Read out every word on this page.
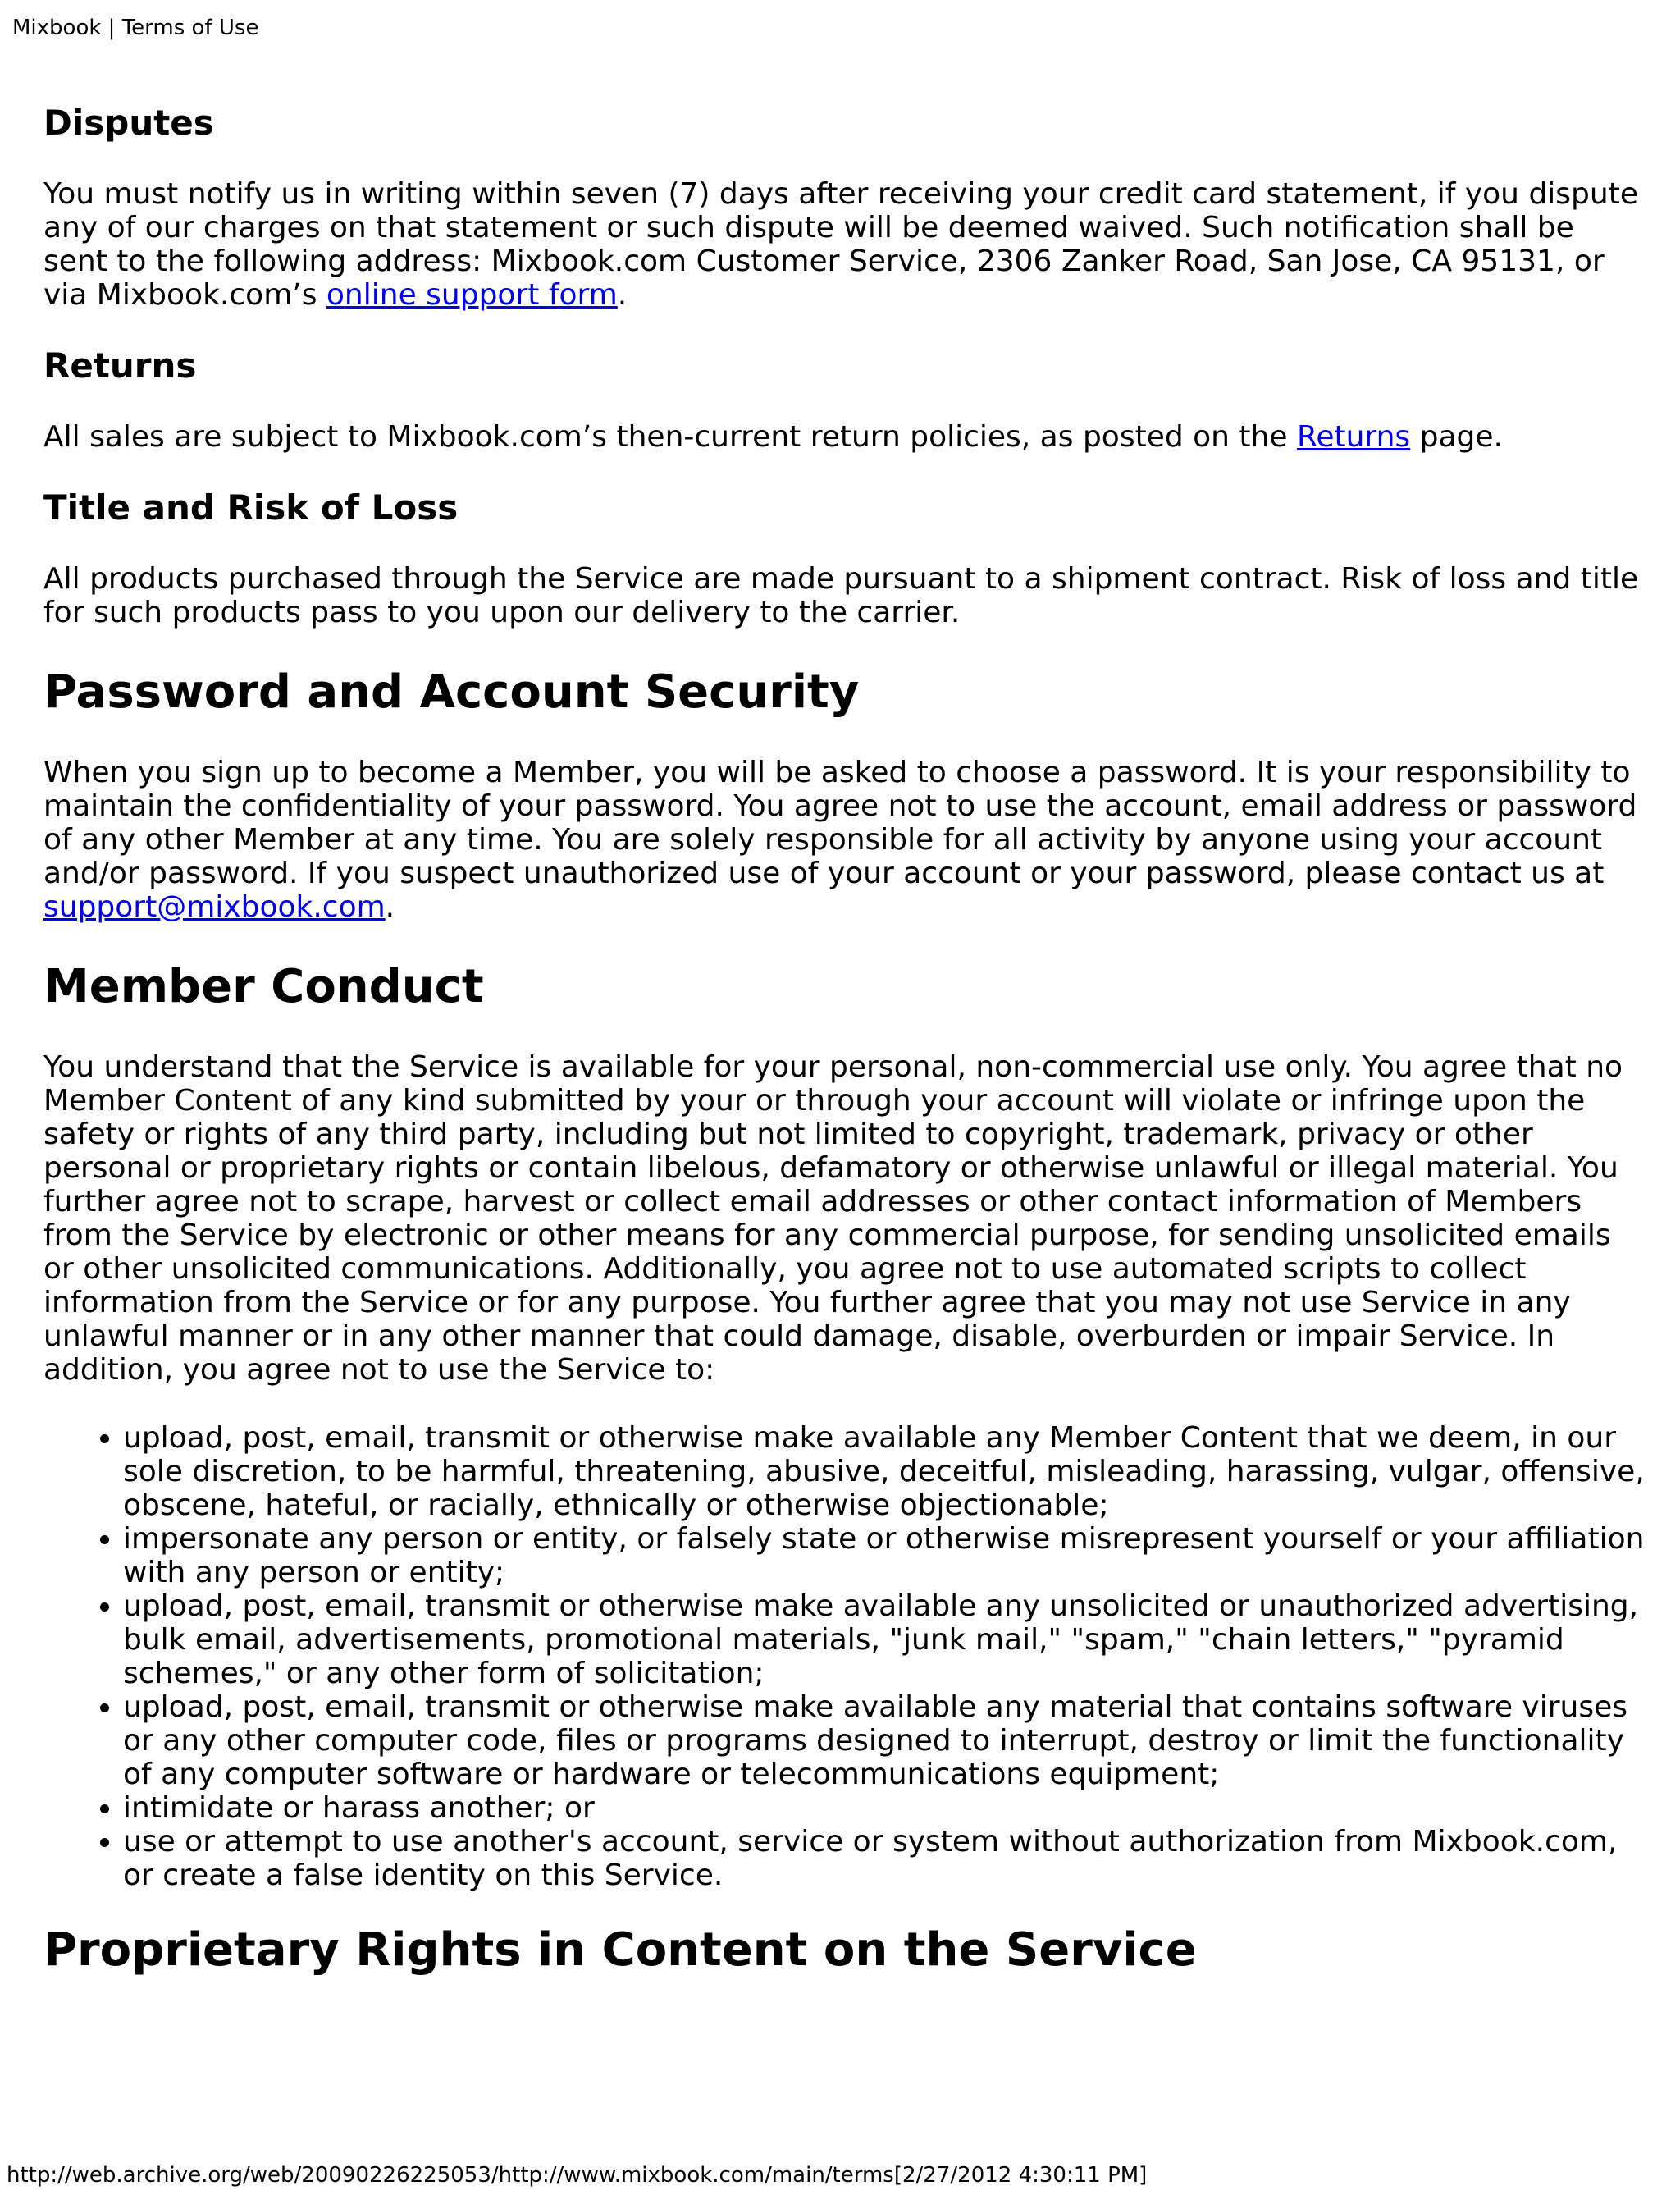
Mixbook | Terms of Use
Disputes

You must notify us in writing within seven (7) days after receiving your credit card statement, if you dispute any of our charges on that statement or such dispute will be deemed waived. Such notification shall be sent to the following address: Mixbook.com Customer Service, 2306 Zanker Road, San Jose, CA 95131, or via Mixbook.com’s online support form.

Returns

All sales are subject to Mixbook.com’s then-current return policies, as posted on the Returns page.

Title and Risk of Loss

All products purchased through the Service are made pursuant to a shipment contract. Risk of loss and title for such products pass to you upon our delivery to the carrier.

Password and Account Security

When you sign up to become a Member, you will be asked to choose a password. It is your responsibility to maintain the confidentiality of your password. You agree not to use the account, email address or password of any other Member at any time. You are solely responsible for all activity by anyone using your account and/or password. If you suspect unauthorized use of your account or your password, please contact us at support@mixbook.com.

Member Conduct

You understand that the Service is available for your personal, non-commercial use only. You agree that no Member Content of any kind submitted by your or through your account will violate or infringe upon the safety or rights of any third party, including but not limited to copyright, trademark, privacy or other personal or proprietary rights or contain libelous, defamatory or otherwise unlawful or illegal material. You further agree not to scrape, harvest or collect email addresses or other contact information of Members from the Service by electronic or other means for any commercial purpose, for sending unsolicited emails or other unsolicited communications. Additionally, you agree not to use automated scripts to collect information from the Service or for any purpose. You further agree that you may not use Service in any unlawful manner or in any other manner that could damage, disable, overburden or impair Service. In addition, you agree not to use the Service to:

• upload, post, email, transmit or otherwise make available any Member Content that we deem, in our sole discretion, to be harmful, threatening, abusive, deceitful, misleading, harassing, vulgar, offensive, obscene, hateful, or racially, ethnically or otherwise objectionable;
• impersonate any person or entity, or falsely state or otherwise misrepresent yourself or your affiliation with any person or entity;
• upload, post, email, transmit or otherwise make available any unsolicited or unauthorized advertising, bulk email, advertisements, promotional materials, "junk mail," "spam," "chain letters," "pyramid schemes," or any other form of solicitation;
• upload, post, email, transmit or otherwise make available any material that contains software viruses or any other computer code, files or programs designed to interrupt, destroy or limit the functionality of any computer software or hardware or telecommunications equipment;
• intimidate or harass another; or
• use or attempt to use another's account, service or system without authorization from Mixbook.com, or create a false identity on this Service.
Proprietary Rights in Content on the Service
http://web.archive.org/web/20090226225053/http://www.mixbook.com/main/terms[2/27/2012 4:30:11 PM]
